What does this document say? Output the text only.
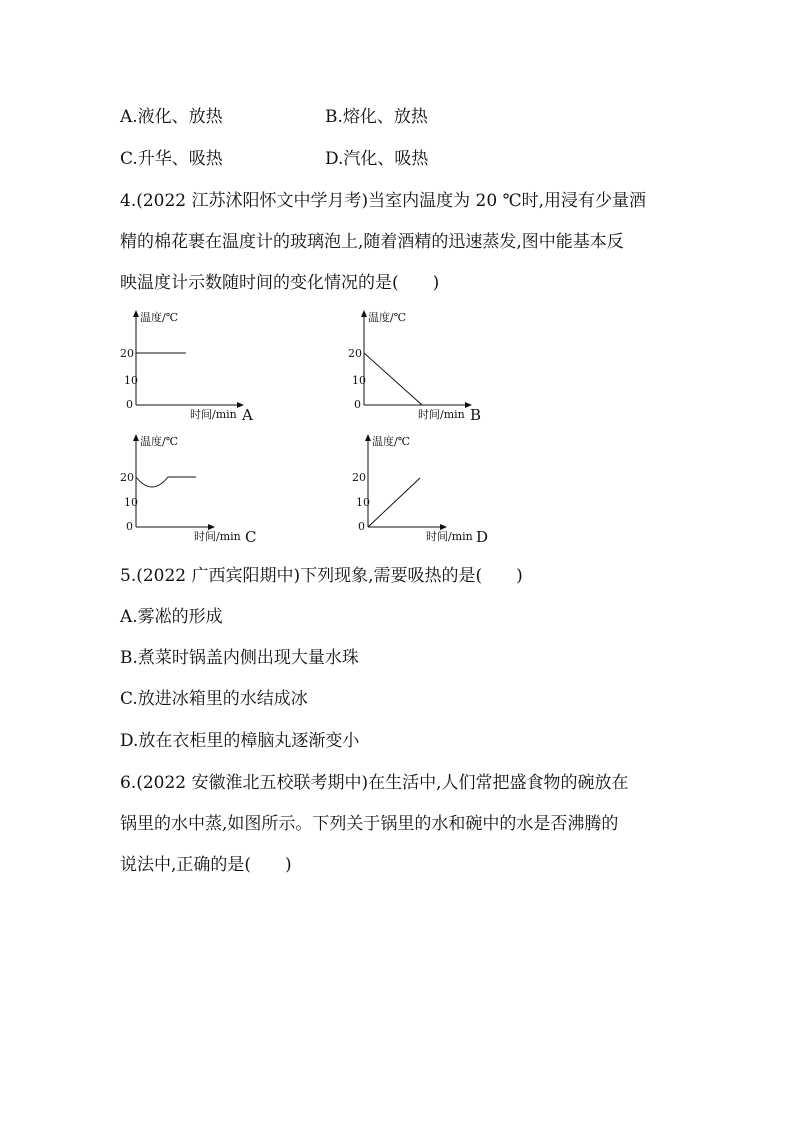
A.液化、放热	B.熔化、放热
C.升华、吸热	D.汽化、吸热
4.(2022 江苏沭阳怀文中学月考)当室内温度为 20 ℃时,用浸有少量酒
精的棉花裹在温度计的玻璃泡上,随着酒精的迅速蒸发,图中能基本反
映温度计示数随时间的变化情况的是(　　)
温度/℃
20
10
0
时间/min A
温度/℃
20
10
0
时间/min B
温度/℃
20
10
0
时间/min C
温度/℃
20
10
0
时间/min D
5.(2022 广西宾阳期中)下列现象,需要吸热的是(　　)
A.雾凇的形成
B.煮菜时锅盖内侧出现大量水珠
C.放进冰箱里的水结成冰
D.放在衣柜里的樟脑丸逐渐变小
6.(2022 安徽淮北五校联考期中)在生活中,人们常把盛食物的碗放在
锅里的水中蒸,如图所示。下列关于锅里的水和碗中的水是否沸腾的
说法中,正确的是(　　)
